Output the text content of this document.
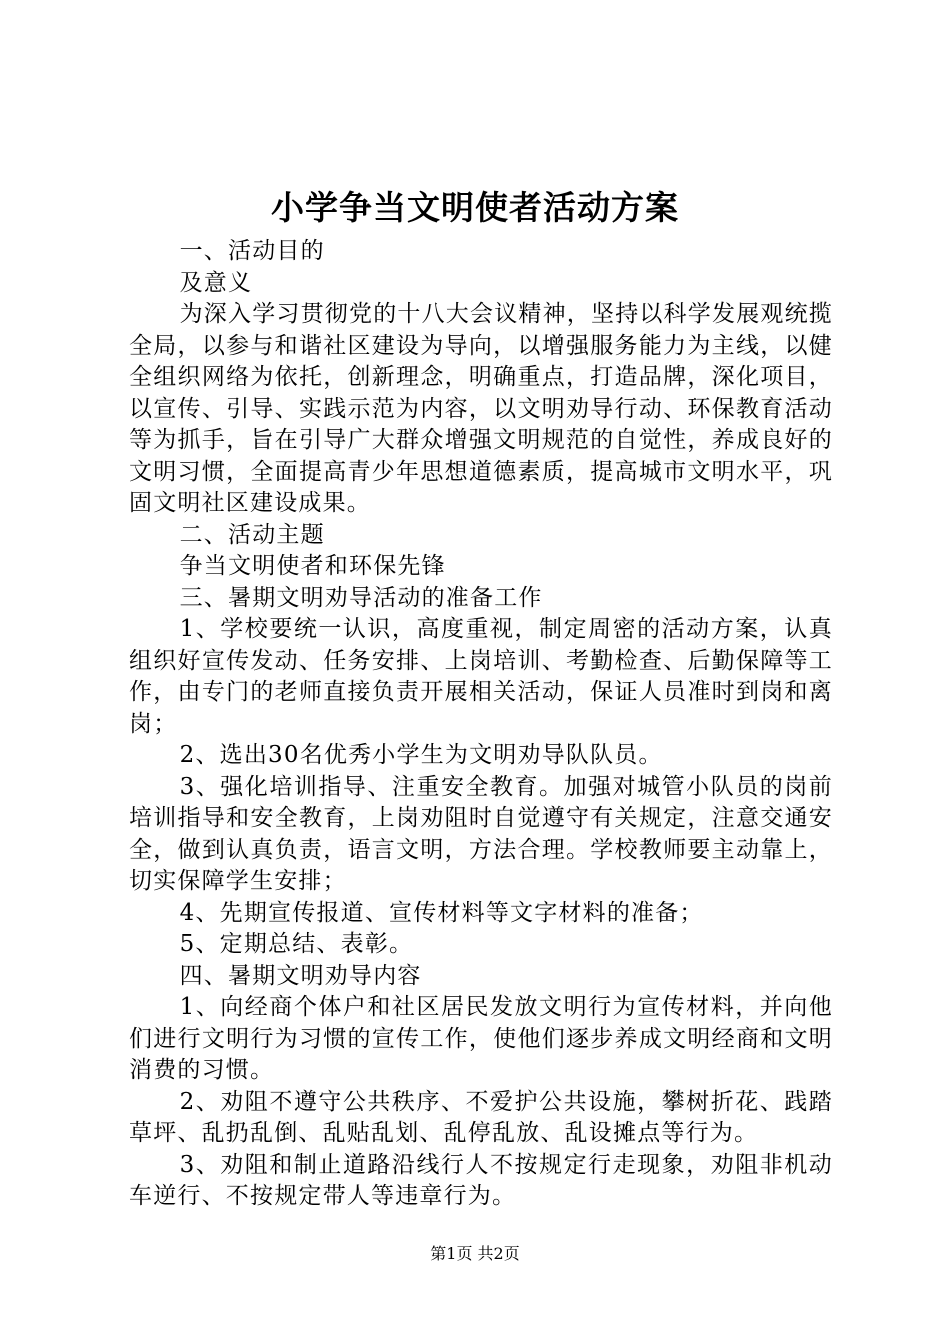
小学争当文明使者活动方案

一、活动目的

及意义

为深入学习贯彻党的十八大会议精神，坚持以科学发展观统揽全局，以参与和谐社区建设为导向，以增强服务能力为主线，以健全组织网络为依托，创新理念，明确重点，打造品牌，深化项目，以宣传、引导、实践示范为内容，以文明劝导行动、环保教育活动等为抓手，旨在引导广大群众增强文明规范的自觉性，养成良好的文明习惯，全面提高青少年思想道德素质，提高城市文明水平，巩固文明社区建设成果。

二、活动主题

争当文明使者和环保先锋

三、暑期文明劝导活动的准备工作

1、学校要统一认识，高度重视，制定周密的活动方案，认真组织好宣传发动、任务安排、上岗培训、考勤检查、后勤保障等工作，由专门的老师直接负责开展相关活动，保证人员准时到岗和离岗；

2、选出30名优秀小学生为文明劝导队队员。

3、强化培训指导、注重安全教育。加强对城管小队员的岗前培训指导和安全教育，上岗劝阻时自觉遵守有关规定，注意交通安全，做到认真负责，语言文明，方法合理。学校教师要主动靠上，切实保障学生安排；

4、先期宣传报道、宣传材料等文字材料的准备；

5、定期总结、表彰。

四、暑期文明劝导内容

1、向经商个体户和社区居民发放文明行为宣传材料，并向他们进行文明行为习惯的宣传工作，使他们逐步养成文明经商和文明消费的习惯。

2、劝阻不遵守公共秩序、不爱护公共设施，攀树折花、践踏草坪、乱扔乱倒、乱贴乱划、乱停乱放、乱设摊点等行为。

3、劝阻和制止道路沿线行人不按规定行走现象，劝阻非机动车逆行、不按规定带人等违章行为。

第1页 共2页
